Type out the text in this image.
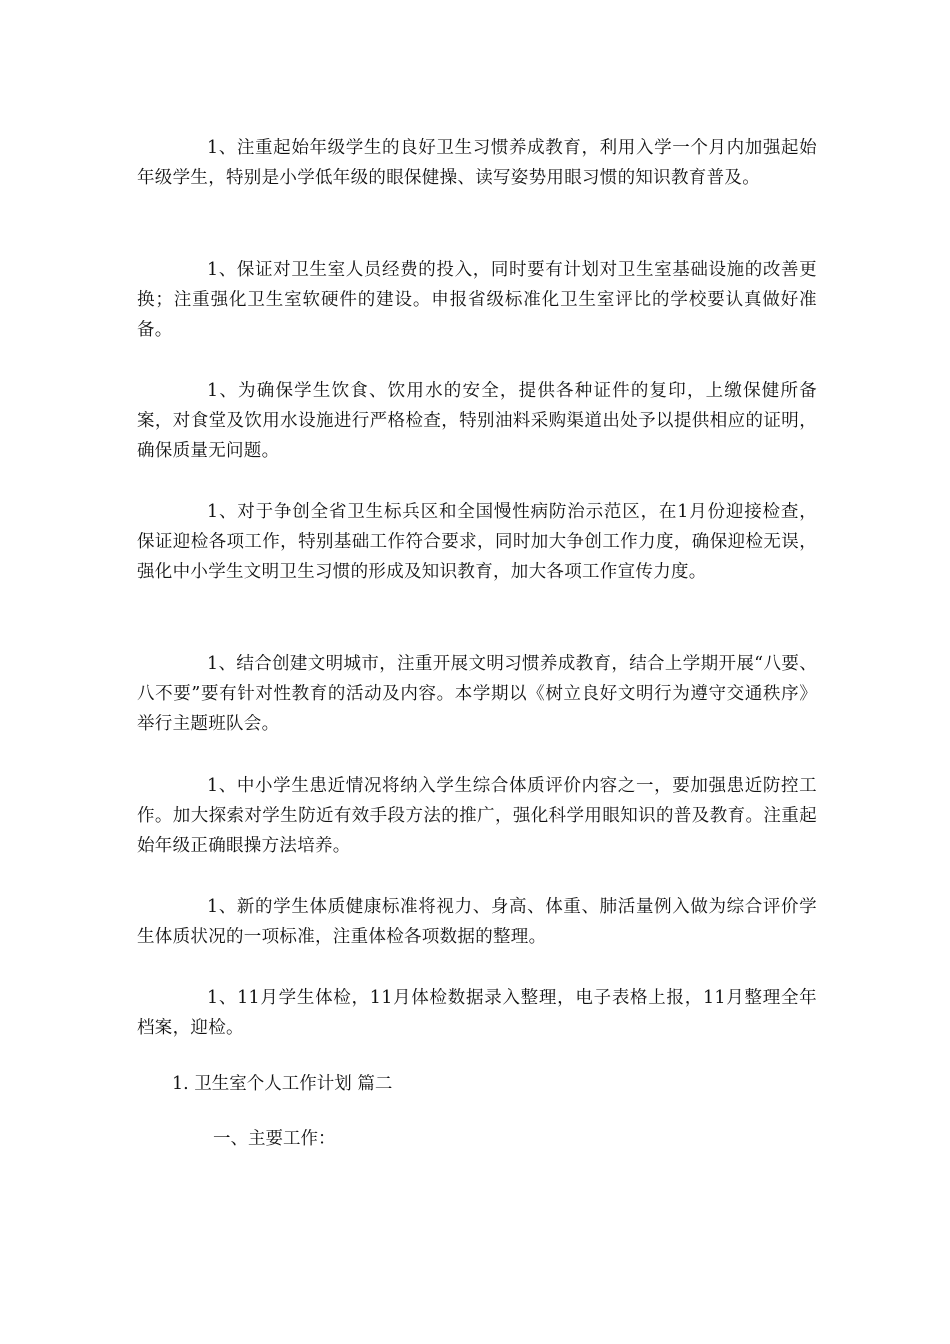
1、注重起始年级学生的良好卫生习惯养成教育，利用入学一个月内加强起始年级学生，特别是小学低年级的眼保健操、读写姿势用眼习惯的知识教育普及。

1、保证对卫生室人员经费的投入，同时要有计划对卫生室基础设施的改善更换；注重强化卫生室软硬件的建设。申报省级标准化卫生室评比的学校要认真做好准备。

1、为确保学生饮食、饮用水的安全，提供各种证件的复印，上缴保健所备案，对食堂及饮用水设施进行严格检查，特别油料采购渠道出处予以提供相应的证明，确保质量无问题。

1、对于争创全省卫生标兵区和全国慢性病防治示范区，在1月份迎接检查，保证迎检各项工作，特别基础工作符合要求，同时加大争创工作力度，确保迎检无误，强化中小学生文明卫生习惯的形成及知识教育，加大各项工作宣传力度。

1、结合创建文明城市，注重开展文明习惯养成教育，结合上学期开展“八要、八不要”要有针对性教育的活动及内容。本学期以《树立良好文明行为遵守交通秩序》举行主题班队会。

1、中小学生患近情况将纳入学生综合体质评价内容之一，要加强患近防控工作。加大探索对学生防近有效手段方法的推广，强化科学用眼知识的普及教育。注重起始年级正确眼操方法培养。

1、新的学生体质健康标准将视力、身高、体重、肺活量例入做为综合评价学生体质状况的一项标准，注重体检各项数据的整理。

1、11月学生体检，11月体检数据录入整理，电子表格上报，11月整理全年档案，迎检。

1. 卫生室个人工作计划 篇二

一、主要工作：
